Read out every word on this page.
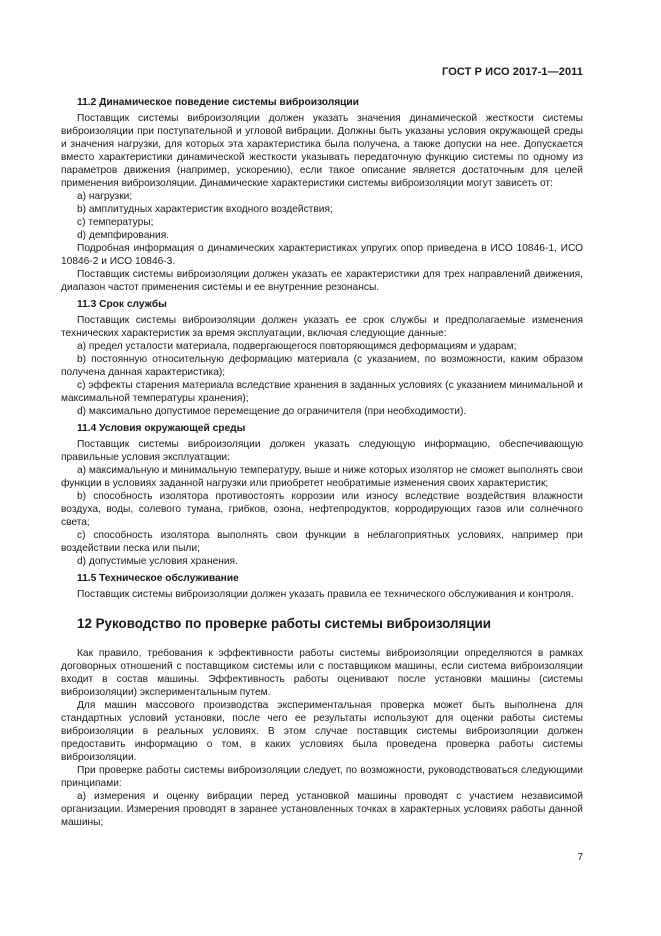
ГОСТ Р ИСО 2017-1—2011
11.2 Динамическое поведение системы виброизоляции

Поставщик системы виброизоляции должен указать значения динамической жесткости системы виброизоляции при поступательной и угловой вибрации. Должны быть указаны условия окружающей среды и значения нагрузки, для которых эта характеристика была получена, а также допуски на нее. Допускается вместо характеристики динамической жесткости указывать передаточную функцию системы по одному из параметров движения (например, ускорению), если такое описание является достаточным для целей применения виброизоляции. Динамические характеристики системы виброизоляции могут зависеть от:

a) нагрузки;

b) амплитудных характеристик входного воздействия;

c) температуры;

d) демпфирования.

Подробная информация о динамических характеристиках упругих опор приведена в ИСО 10846-1, ИСО 10846-2 и ИСО 10846-3.

Поставщик системы виброизоляции должен указать ее характеристики для трех направлений движения, диапазон частот применения системы и ее внутренние резонансы.

11.3 Срок службы

Поставщик системы виброизоляции должен указать ее срок службы и предполагаемые изменения технических характеристик за время эксплуатации, включая следующие данные:

a) предел усталости материала, подвергающегося повторяющимся деформациям и ударам;

b) постоянную относительную деформацию материала (с указанием, по возможности, каким образом получена данная характеристика);

c) эффекты старения материала вследствие хранения в заданных условиях (с указанием минимальной и максимальной температуры хранения);

d) максимально допустимое перемещение до ограничителя (при необходимости).

11.4 Условия окружающей среды

Поставщик системы виброизоляции должен указать следующую информацию, обеспечивающую правильные условия эксплуатации:

a) максимальную и минимальную температуру, выше и ниже которых изолятор не сможет выполнять свои функции в условиях заданной нагрузки или приобретет необратимые изменения своих характеристик;

b) способность изолятора противостоять коррозии или износу вследствие воздействия влажности воздуха, воды, солевого тумана, грибков, озона, нефтепродуктов, корродирующих газов или солнечного света;

c) способность изолятора выполнять свои функции в неблагоприятных условиях, например при воздействии песка или пыли;

d) допустимые условия хранения.

11.5 Техническое обслуживание

Поставщик системы виброизоляции должен указать правила ее технического обслуживания и контроля.

12 Руководство по проверке работы системы виброизоляции

Как правило, требования к эффективности работы системы виброизоляции определяются в рамках договорных отношений с поставщиком системы или с поставщиком машины, если система виброизоляции входит в состав машины. Эффективность работы оценивают после установки машины (системы виброизоляции) экспериментальным путем.

Для машин массового производства экспериментальная проверка может быть выполнена для стандартных условий установки, после чего ее результаты используют для оценки работы системы виброизоляции в реальных условиях. В этом случае поставщик системы виброизоляции должен предоставить информацию о том, в каких условиях была проведена проверка работы системы виброизоляции.

При проверке работы системы виброизоляции следует, по возможности, руководствоваться следующими принципами:

a) измерения и оценку вибрации перед установкой машины проводят с участием независимой организации. Измерения проводят в заранее установленных точках в характерных условиях работы данной машины;

7
